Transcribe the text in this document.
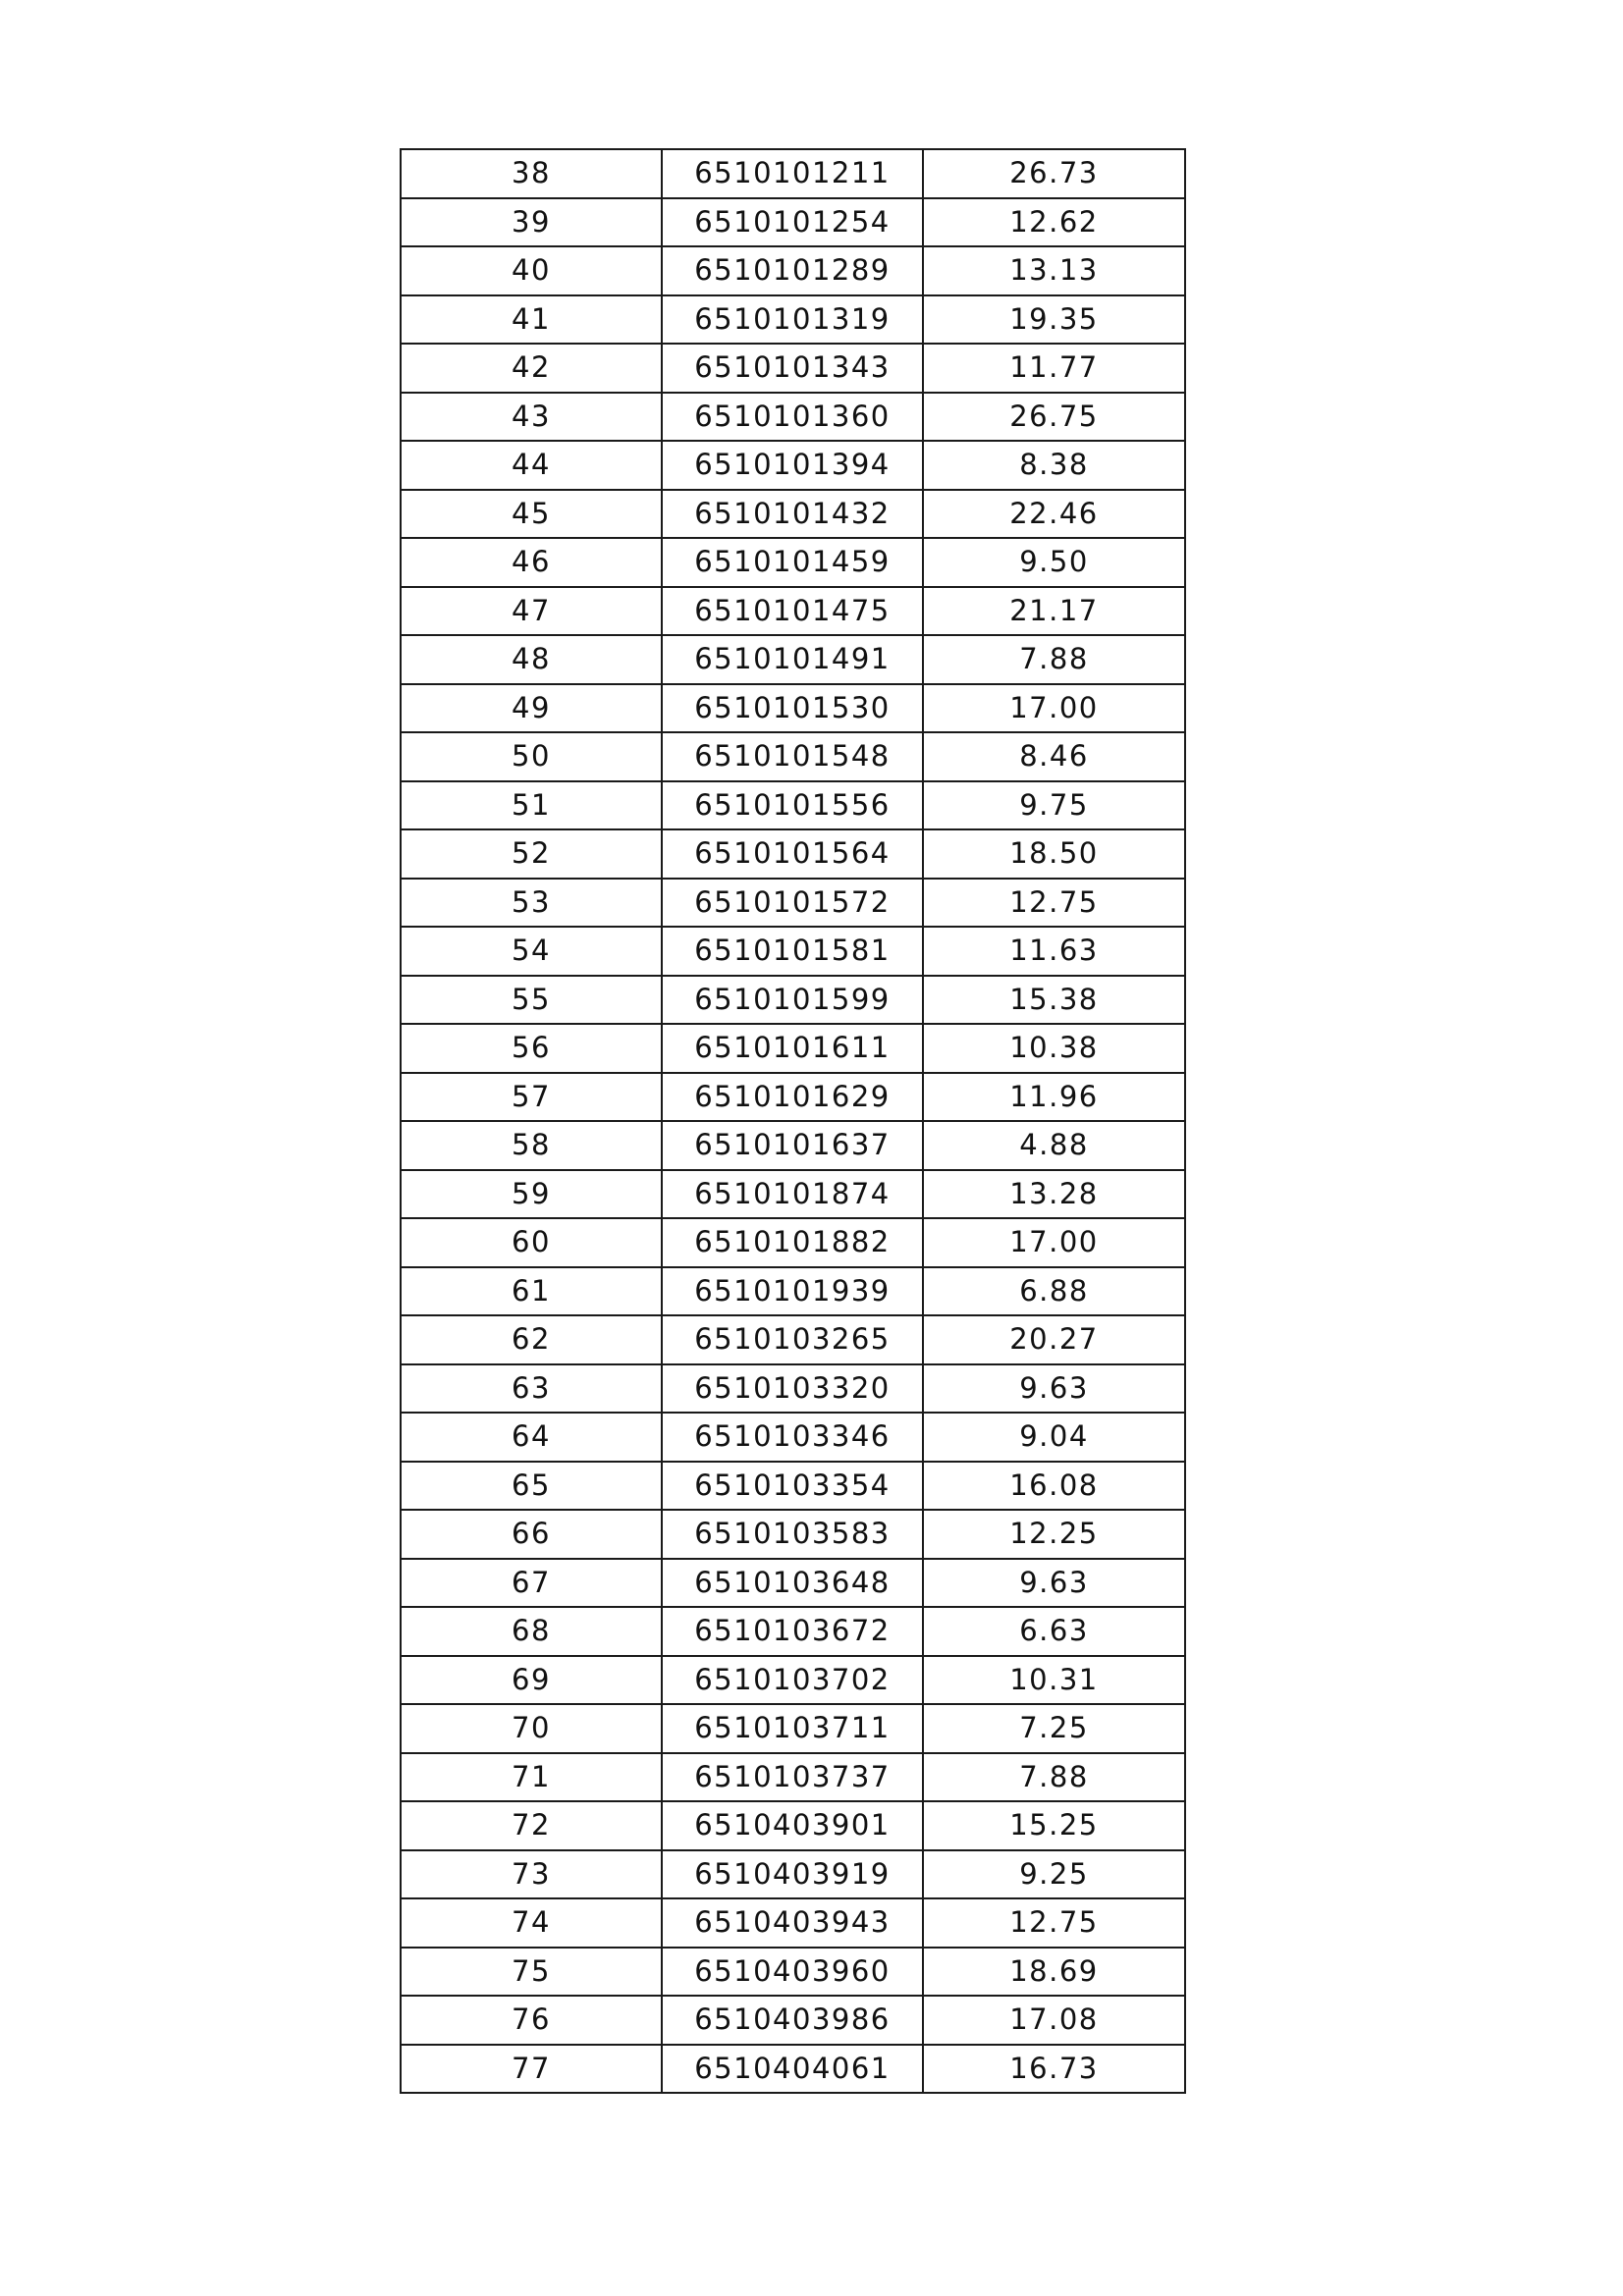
38	6510101211	26.73
39	6510101254	12.62
40	6510101289	13.13
41	6510101319	19.35
42	6510101343	11.77
43	6510101360	26.75
44	6510101394	8.38
45	6510101432	22.46
46	6510101459	9.50
47	6510101475	21.17
48	6510101491	7.88
49	6510101530	17.00
50	6510101548	8.46
51	6510101556	9.75
52	6510101564	18.50
53	6510101572	12.75
54	6510101581	11.63
55	6510101599	15.38
56	6510101611	10.38
57	6510101629	11.96
58	6510101637	4.88
59	6510101874	13.28
60	6510101882	17.00
61	6510101939	6.88
62	6510103265	20.27
63	6510103320	9.63
64	6510103346	9.04
65	6510103354	16.08
66	6510103583	12.25
67	6510103648	9.63
68	6510103672	6.63
69	6510103702	10.31
70	6510103711	7.25
71	6510103737	7.88
72	6510403901	15.25
73	6510403919	9.25
74	6510403943	12.75
75	6510403960	18.69
76	6510403986	17.08
77	6510404061	16.73
